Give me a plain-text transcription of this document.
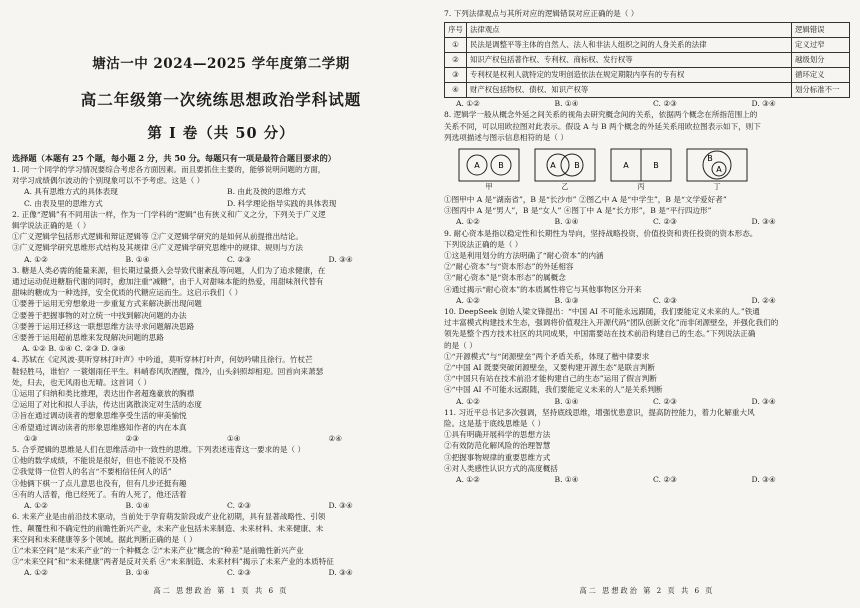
塘沽一中 2024—2025 学年度第二学期
高二年级第一次统练思想政治学科试题
第 I 卷（共 50 分）
选择题（本题有 25 个题，每小题 2 分，共 50 分。每题只有一项是最符合题目要求的）
1. 同一个同学的学习情况要综合考虑各方面因素。而且要抓住主要的，能够说明问题的方面，
对学习成绩偶尔波动的个别现象可以不予考虑。这是（ ）
A. 具有思维方式的具体表现	B. 由此及彼的思维方式
C. 由表及里的思维方式	D. 科学理论指导实践的具体表现
2. 正像“逻辑”有不同用法一样，作为一门学科的“逻辑”也有狭义和广义之分，下列关于广义逻
辑学说法正确的是（ ）
①广义逻辑学包括形式逻辑和辩证逻辑等 ②广义逻辑学研究的是如何从前提推出结论。
③广义逻辑学研究思维形式结构及其规律 ④广义逻辑学研究思维中的规律、规则与方法
A. ①②	B. ①④	C. ②③	D. ③④
3. 糖是人类必需的能量来源，但长期过量摄入会导致代谢紊乱等问题，人们为了追求健康，在
通过运动促进糖脂代谢的同时，愈加注重“减糖”，由于人对甜味本能的热爱，用甜味剂代替有
甜味的糖成为一种选择，安全优质的代糖应运而生。这启示我们（ ）
①要善于运用无穷想象进一步重复方式来解决新出现问题
②要善于把握事物的对立统一中找到解决问题的办法
③要善于运用迁移这一联想思维方法寻求问题解决思路
④要善于运用超前思维来发现解决问题的思路
A. ①② B. ①④ C. ②③ D. ③④
4. 苏轼在《定风波·莫听穿林打叶声》中吟道，莫听穿林打叶声，何妨吟啸且徐行。竹杖芒
鞋轻胜马，谁怕？一蓑烟雨任平生。料峭春风吹酒醒，微冷，山头斜照却相迎。回首向来萧瑟
处，归去，也无风雨也无晴。这首词（ ）
①运用了归纳和类比推理，表达出作者超逸豪放的胸襟
②运用了对比和拟人手法，传达出离散淡定对生活的态度
③旨在通过调动读者的想象思维享受生活的审美愉悦
④希望通过调动读者的形象思维感知作者的内在本真
①③	②③	①④	②④
5. 合乎逻辑的思维是人们在思维活动中一致性的思维。下列表述违背这一要求的是（ ）
①他的数学成绩，不能说是很好，但也不能说不及格
②我觉得一位哲人的名言“不要相信任何人的话”
③他俩下棋一了点儿意思也没有，但有几步还挺有趣
④有的人活着，他已经死了。有的人死了，他还活着
A. ①②	B. ①④	C. ②③	D. ③④
6. 未来产业是由前沿技术驱动，当前处于孕育萌发阶段或产业化初期，具有显著战略性、引领
性、颠覆性和不确定性的前瞻性新兴产业，未来产业包括未来制造、未来材料、未来健康、未
来空间和未来健康等多个领域。据此判断正确的是（ ）
①“未来空间”是“未来产业”的一个种概念 ②“未来产业”概念的“种差”是前瞻性新兴产业
③“未来空间”和“未来健康”两者是反对关系 ④“未来制造、未来材料”揭示了未来产业的本质特征
A. ①②	B. ①④	C. ②③	D. ③④
高二 思想政治 第 1 页 共 6 页
7. 下列法律观点与其所对应的逻辑错误对应正确的是（ ）
序号	法律观点	逻辑错误
①	民法是调整平等主体的自然人、法人和非法人组织之间的人身关系的法律	定义过窄
②	知识产权包括著作权、专利权、商标权、发行权等	越级划分
③	专利权是权利人就特定的发明创造依法在规定期限内享有的专有权	循环定义
④	财产权包括物权、债权、知识产权等	划分标准不一
A. ①②	B. ①④	C. ②③	D. ③④
8. 逻辑学一般从概念外延之间关系的视角去研究概念间的关系，依据两个概念在所指范围上的
关系不同，可以用欧拉图对此表示。假设 A 与 B 两个概念的外延关系用欧拉图表示如下，则下
列选项描述与图示信息相符的是（ ）
A B
甲
A B
乙
A	B
丙
B
A
丁
①图甲中 A 是“湖南省”，B 是“长沙市” ②图乙中 A 是“中学生”，B 是“文学爱好者”
③图丙中 A 是“男人”，B 是“女人” ④图丁中 A 是“长方形”，B 是“平行四边形”
A. ①②	B. ①④	C. ②③	D. ③④
9. 耐心资本是指以稳定性和长期性为导向，坚持战略投资、价值投资和责任投资的资本形态。
下列说法正确的是（ ）
①这是利用划分的方法明确了“耐心资本”的内涵
②“耐心资本”与“资本形态”的外延相容
③“耐心资本”是“资本形态”的属概念
④通过揭示“耐心资本”的本质属性将它与其他事物区分开来
A. ①②	B. ①③	C. ②③	D. ②④
10. DeepSeek 创始人梁文锋提出：“中国 AI 不可能永远跟随，我们要能定义未来的人。”铁通
过丰富模式构建技术生态，强调将价值观注入开源代码“团队创新文化”而非闭源壁垒，并强化我们的
领先是整个西方技术社区的共同成果，中国需要站在技术前沿构建自己的生态。”下列说法正确
的是（ ）
①“开源模式”与“闭源壁垒”两个矛盾关系，体现了楷中律要求
②“中国 AI 既要突破闭源壁垒，又要构建开源生态”是联言判断
③“中国只有站在技术前沿才能构建自己的生态”运用了假言判断
④“中国 AI 不可能永远跟随，我们要能定义未来的人”是关系判断
A. ①②	B. ①④	C. ②③	D. ③④
11. 习近平总书记多次强调，坚持底线思维，增强忧患意识，提高防控能力，着力化解重大风
险。这是基于底线思维是（ ）
①具有明确开展科学的思想方法
②有效防范化解风险的治理智慧
③把握事物规律的重要思维方式
④对人类感性认识方式的高度概括
A. ①②	B. ①④	C. ②③	D. ③④
高二 思想政治 第 2 页 共 6 页
